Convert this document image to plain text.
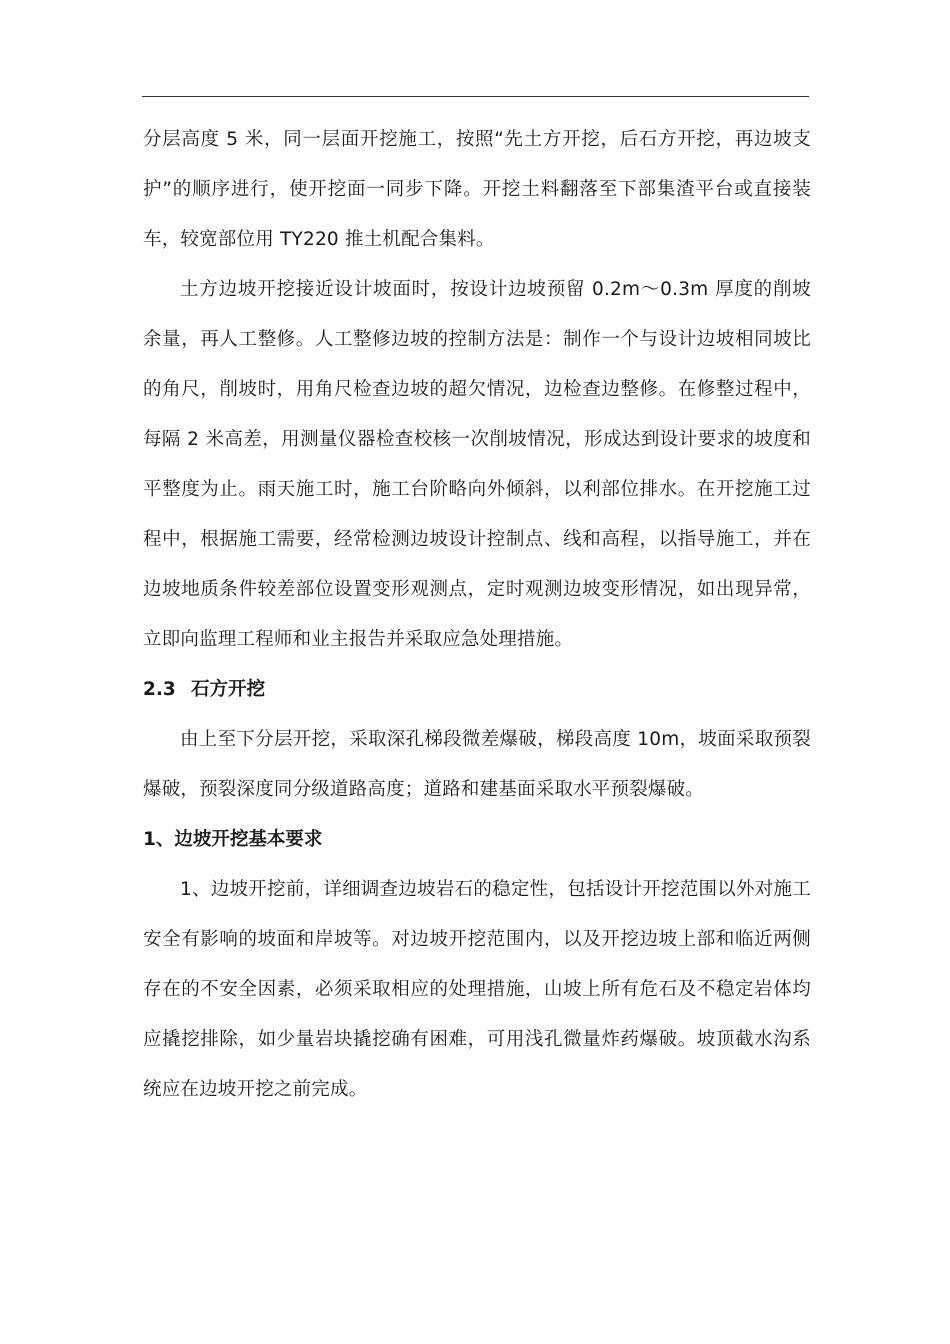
分层高度 5 米，同一层面开挖施工，按照“先土方开挖，后石方开挖，再边坡支护”的顺序进行，使开挖面一同步下降。开挖土料翻落至下部集渣平台或直接装车，较宽部位用 TY220 推土机配合集料。

土方边坡开挖接近设计坡面时，按设计边坡预留 0.2m～0.3m 厚度的削坡余量，再人工整修。人工整修边坡的控制方法是：制作一个与设计边坡相同坡比的角尺，削坡时，用角尺检查边坡的超欠情况，边检查边整修。在修整过程中，每隔 2 米高差，用测量仪器检查校核一次削坡情况，形成达到设计要求的坡度和平整度为止。雨天施工时，施工台阶略向外倾斜，以利部位排水。在开挖施工过程中，根据施工需要，经常检测边坡设计控制点、线和高程，以指导施工，并在边坡地质条件较差部位设置变形观测点，定时观测边坡变形情况，如出现异常，立即向监理工程师和业主报告并采取应急处理措施。

2.3 石方开挖

由上至下分层开挖，采取深孔梯段微差爆破，梯段高度 10m，坡面采取预裂爆破，预裂深度同分级道路高度；道路和建基面采取水平预裂爆破。

1、边坡开挖基本要求

1、边坡开挖前，详细调查边坡岩石的稳定性，包括设计开挖范围以外对施工安全有影响的坡面和岸坡等。对边坡开挖范围内，以及开挖边坡上部和临近两侧存在的不安全因素，必须采取相应的处理措施，山坡上所有危石及不稳定岩体均应撬挖排除，如少量岩块撬挖确有困难，可用浅孔微量炸药爆破。坡顶截水沟系统应在边坡开挖之前完成。
